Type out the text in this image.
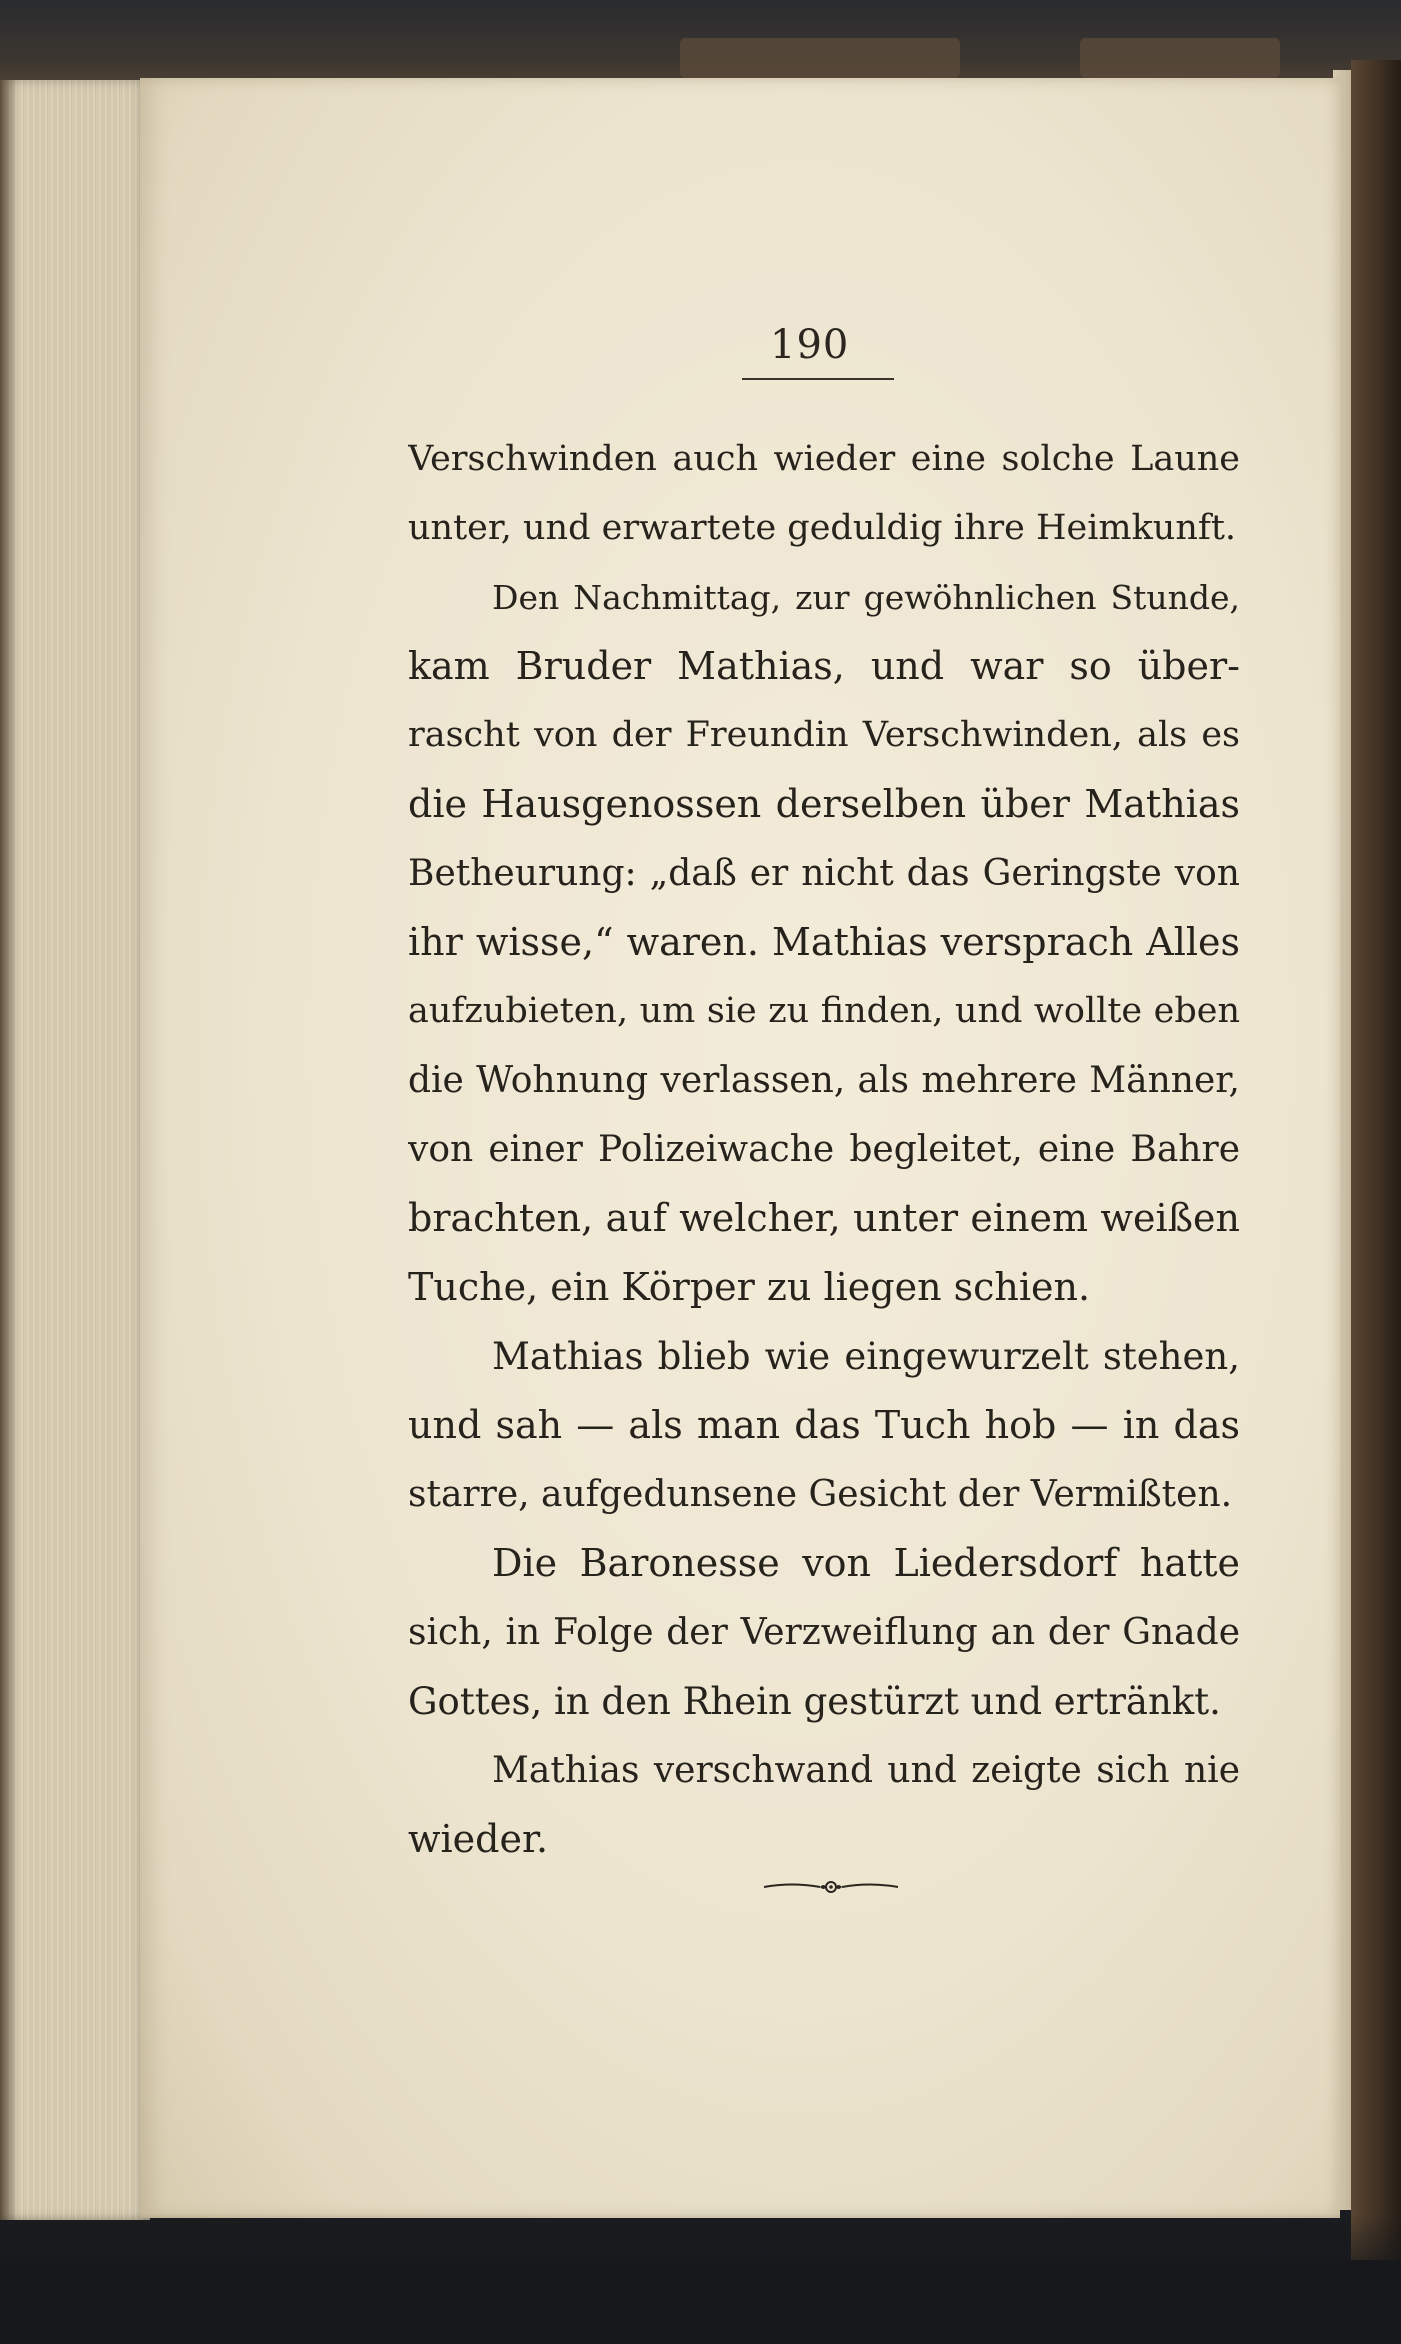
190
Verschwinden auch wieder eine solche Laune
unter, und erwartete geduldig ihre Heimkunft.
Den Nachmittag, zur gewöhnlichen Stunde,
kam Bruder Mathias, und war so über-
rascht von der Freundin Verschwinden, als es
die Hausgenossen derselben über Mathias
Betheurung: „daß er nicht das Geringste von
ihr wisse,“ waren. Mathias versprach Alles
aufzubieten, um sie zu finden, und wollte eben
die Wohnung verlassen, als mehrere Männer,
von einer Polizeiwache begleitet, eine Bahre
brachten, auf welcher, unter einem weißen
Tuche, ein Körper zu liegen schien.
Mathias blieb wie eingewurzelt stehen,
und sah — als man das Tuch hob — in das
starre, aufgedunsene Gesicht der Vermißten.
Die Baronesse von Liedersdorf hatte
sich, in Folge der Verzweiflung an der Gnade
Gottes, in den Rhein gestürzt und ertränkt.
Mathias verschwand und zeigte sich nie
wieder.
